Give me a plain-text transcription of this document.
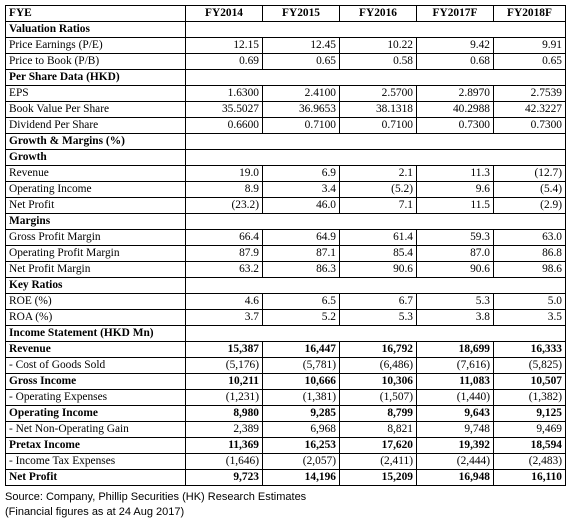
FYE	FY2014	FY2015	FY2016	FY2017F	FY2018F
Valuation Ratios					
Price Earnings (P/E)	12.15	12.45	10.22	9.42	9.91
Price to Book (P/B)	0.69	0.65	0.58	0.68	0.65
Per Share Data (HKD)					
EPS	1.6300	2.4100	2.5700	2.8970	2.7539
Book Value Per Share	35.5027	36.9653	38.1318	40.2988	42.3227
Dividend Per Share	0.6600	0.7100	0.7100	0.7300	0.7300
Growth & Margins (%)					
Growth					
Revenue	19.0	6.9	2.1	11.3	(12.7)
Operating Income	8.9	3.4	(5.2)	9.6	(5.4)
Net Profit	(23.2)	46.0	7.1	11.5	(2.9)
Margins					
Gross Profit Margin	66.4	64.9	61.4	59.3	63.0
Operating Profit Margin	87.9	87.1	85.4	87.0	86.8
Net Profit Margin	63.2	86.3	90.6	90.6	98.6
Key Ratios					
ROE (%)	4.6	6.5	6.7	5.3	5.0
ROA (%)	3.7	5.2	5.3	3.8	3.5
Income Statement (HKD Mn)					
Revenue	15,387	16,447	16,792	18,699	16,333
- Cost of Goods Sold	(5,176)	(5,781)	(6,486)	(7,616)	(5,825)
Gross Income	10,211	10,666	10,306	11,083	10,507
- Operating Expenses	(1,231)	(1,381)	(1,507)	(1,440)	(1,382)
Operating Income	8,980	9,285	8,799	9,643	9,125
- Net Non-Operating Gain	2,389	6,968	8,821	9,748	9,469
Pretax Income	11,369	16,253	17,620	19,392	18,594
- Income Tax Expenses	(1,646)	(2,057)	(2,411)	(2,444)	(2,483)
Net Profit	9,723	14,196	15,209	16,948	16,110
Source: Company, Phillip Securities (HK) Research Estimates
(Financial figures as at 24 Aug 2017)
